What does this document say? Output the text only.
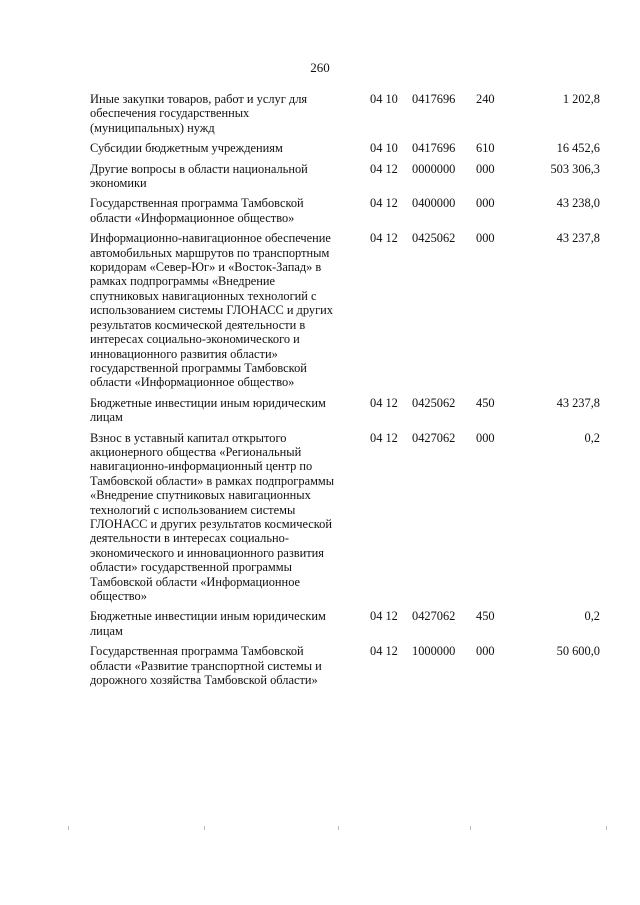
260
Иные закупки товаров, работ и услуг для обеспечения государственных (муниципальных) нужд	04 10	0417696	240	1 202,8
Субсидии бюджетным учреждениям	04 10	0417696	610	16 452,6
Другие вопросы в области национальной экономики	04 12	0000000	000	503 306,3
Государственная программа Тамбовской области «Информационное общество»	04 12	0400000	000	43 238,0
Информационно-навигационное обеспечение автомобильных маршрутов по транспортным коридорам «Север-Юг» и «Восток-Запад» в рамках подпрограммы «Внедрение спутниковых навигационных технологий с использованием системы ГЛОНАСС и других результатов космической деятельности в интересах социально-экономического и инновационного развития области» государственной программы Тамбовской области «Информационное общество»	04 12	0425062	000	43 237,8
Бюджетные инвестиции иным юридическим лицам	04 12	0425062	450	43 237,8
Взнос в уставный капитал открытого акционерного общества «Региональный навигационно-информационный центр по Тамбовской области» в рамках подпрограммы «Внедрение спутниковых навигационных технологий с использованием системы ГЛОНАСС и других результатов космической деятельности в интересах социально-экономического и инновационного развития области» государственной программы Тамбовской области «Информационное общество»	04 12	0427062	000	0,2
Бюджетные инвестиции иным юридическим лицам	04 12	0427062	450	0,2
Государственная программа Тамбовской области «Развитие транспортной системы и дорожного хозяйства Тамбовской области»	04 12	1000000	000	50 600,0
